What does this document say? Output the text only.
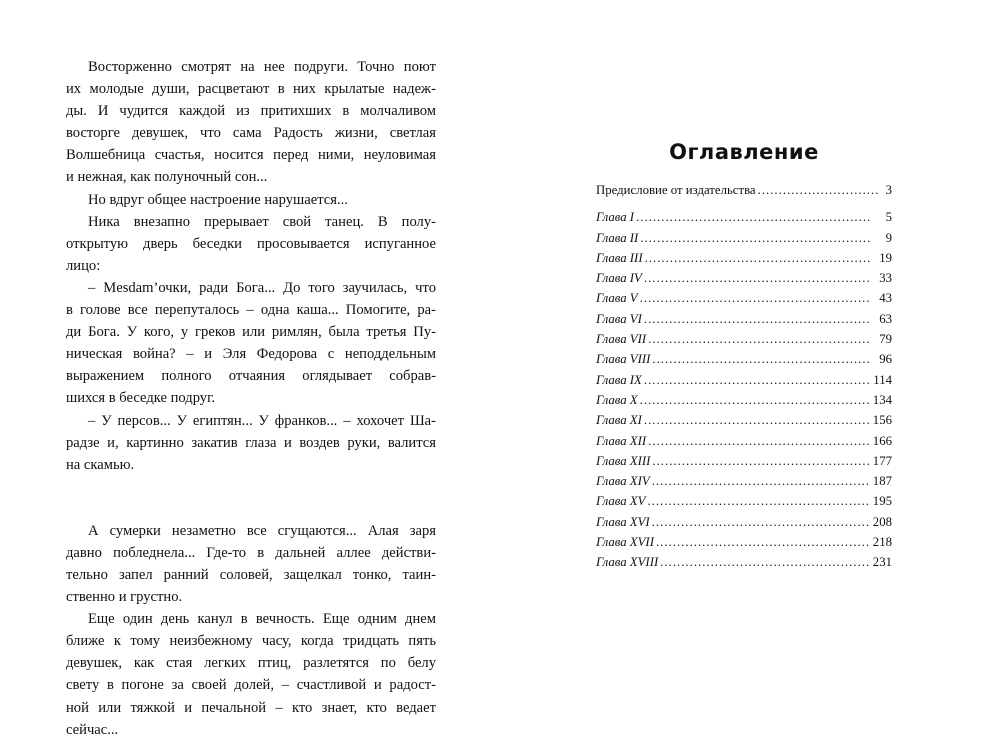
Восторженно смотрят на нее подруги. Точно поют
их молодые души, расцветают в них крылатые надеж-
ды. И чудится каждой из притихших в молчаливом
восторге девушек, что сама Радость жизни, светлая
Волшебница счастья, носится перед ними, неуловимая
и нежная, как полуночный сон...
Но вдруг общее настроение нарушается...
Ника внезапно прерывает свой танец. В полу-
открытую дверь беседки просовывается испуганное
лицо:
– Mesdam’очки, ради Бога... До того заучилась, что
в голове все перепуталось – одна каша... Помогите, ра-
ди Бога. У кого, у греков или римлян, была третья Пу-
ническая война? – и Эля Федорова с неподдельным
выражением полного отчаяния оглядывает собрав-
шихся в беседке подруг.
– У персов... У египтян... У франков... – хохочет Ша-
радзе и, картинно закатив глаза и воздев руки, валится
на скамью.
А сумерки незаметно все сгущаются... Алая заря
давно побледнела... Где-то в дальней аллее действи-
тельно запел ранний соловей, защелкал тонко, таин-
ственно и грустно.
Еще один день канул в вечность. Еще одним днем
ближе к тому неизбежному часу, когда тридцать пять
девушек, как стая легких птиц, разлетятся по белу
свету в погоне за своей долей, – счастливой и радост-
ной или тяжкой и печальной – кто знает, кто ведает
сейчас...
Оглавление
Предисловие от издательства .....	3
Глава I .....	5
Глава II .....	9
Глава III .....	19
Глава IV .....	33
Глава V .....	43
Глава VI .....	63
Глава VII .....	79
Глава VIII .....	96
Глава IX .....	114
Глава X .....	134
Глава XI .....	156
Глава XII .....	166
Глава XIII .....	177
Глава XIV .....	187
Глава XV .....	195
Глава XVI .....	208
Глава XVII .....	218
Глава XVIII .....	231
